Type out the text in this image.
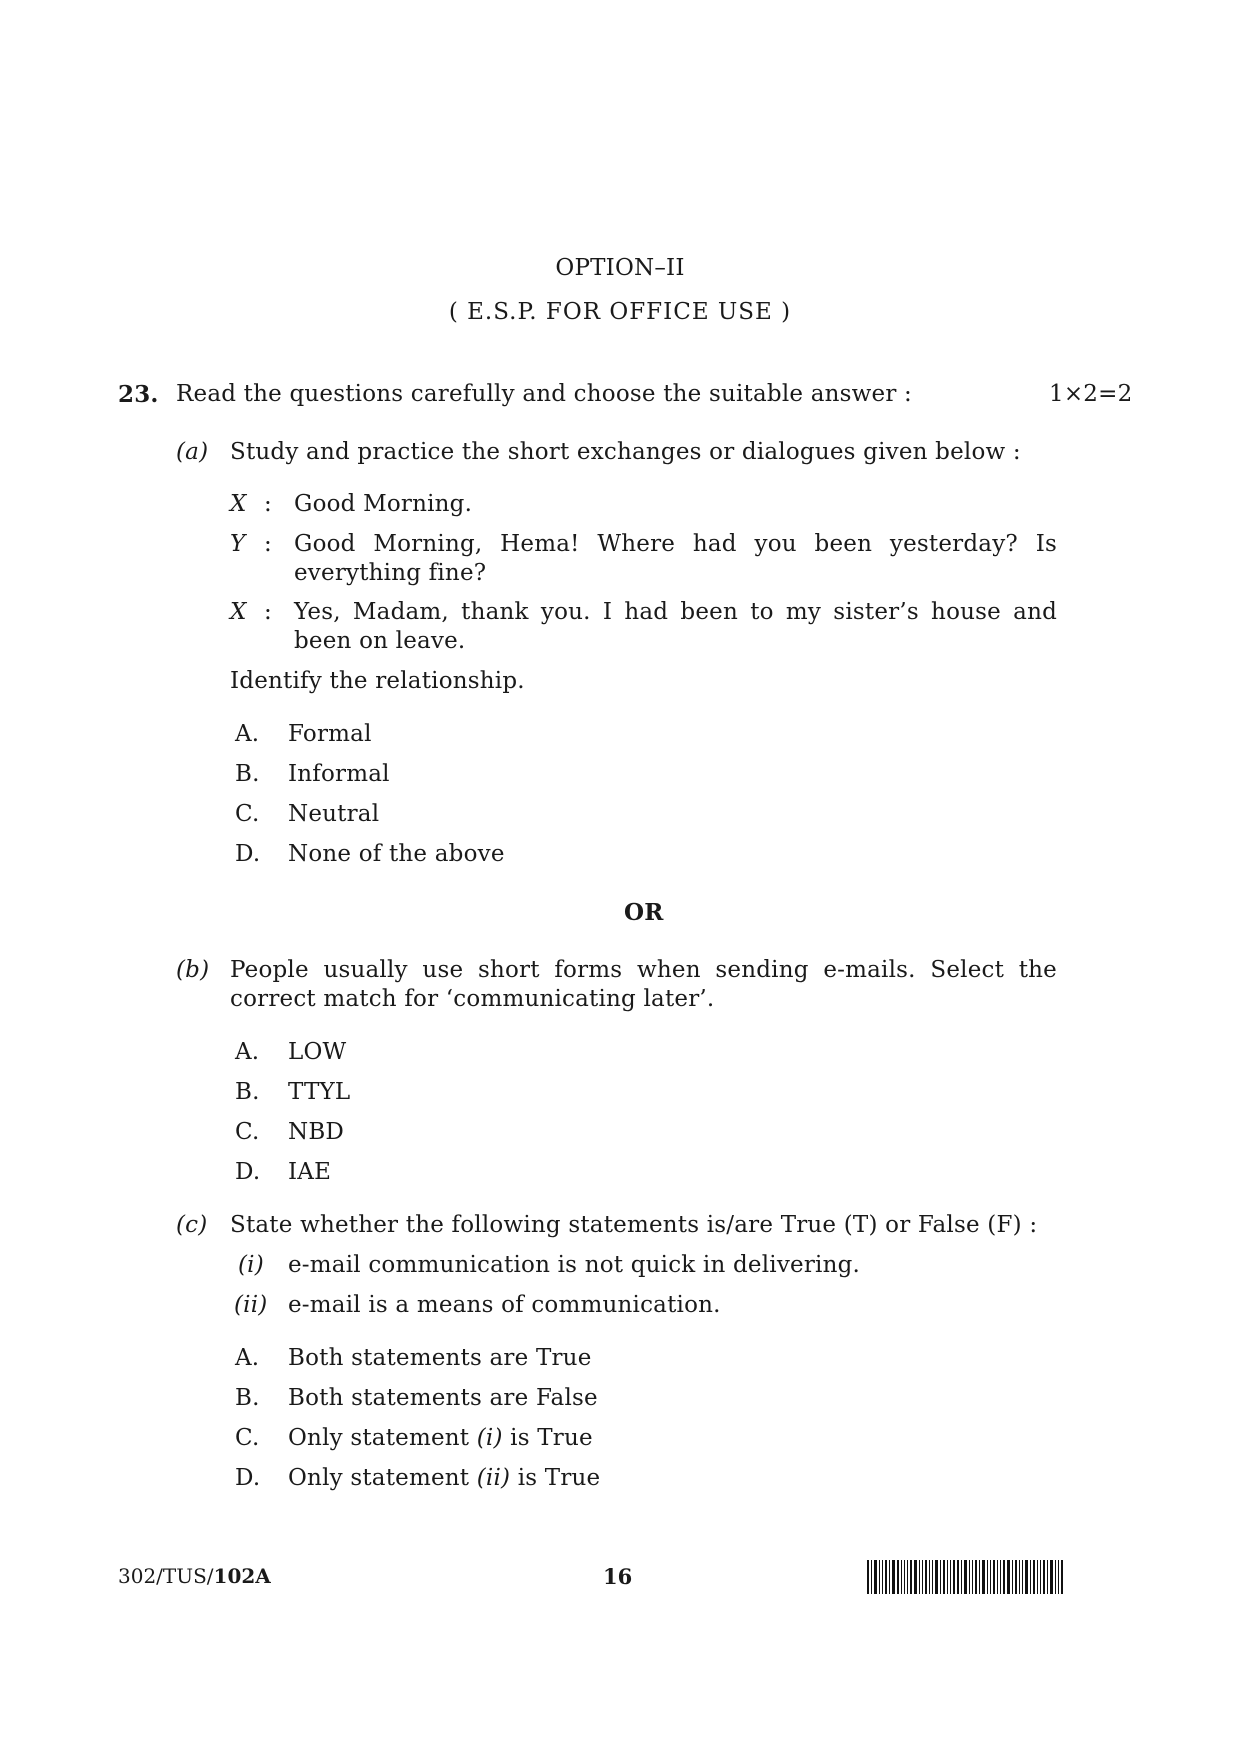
OPTION–II
( E.S.P. FOR OFFICE USE )
23. Read the questions carefully and choose the suitable answer :	1×2=2
(a) Study and practice the short exchanges or dialogues given below :
X : Good Morning.
Y : Good Morning, Hema! Where had you been yesterday? Is
everything fine?
X : Yes, Madam, thank you. I had been to my sister’s house and
been on leave.
Identify the relationship.
A. Formal
B. Informal
C. Neutral
D. None of the above
OR
(b) People usually use short forms when sending e-mails. Select the
correct match for ‘communicating later’.
A. LOW
B. TTYL
C. NBD
D. IAE
(c) State whether the following statements is/are True (T) or False (F) :
(i) e-mail communication is not quick in delivering.
(ii) e-mail is a means of communication.
A. Both statements are True
B. Both statements are False
C. Only statement (i) is True
D. Only statement (ii) is True
302/TUS/102A	16
